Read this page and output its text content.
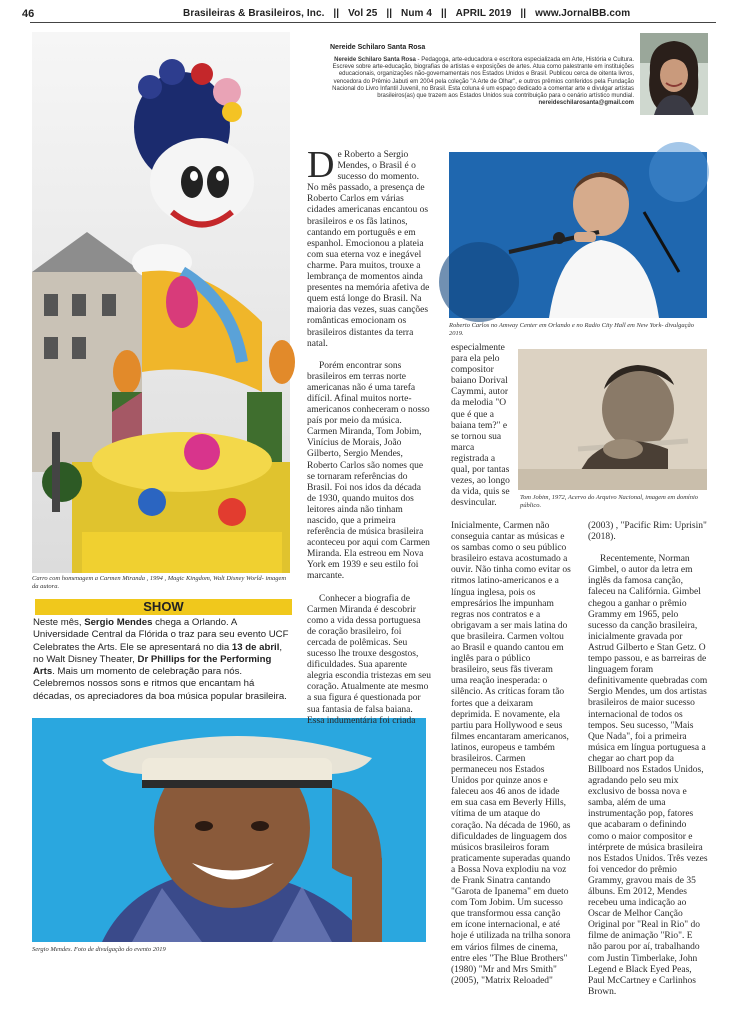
46	Brasileiras & Brasileiros, Inc. || Vol 25 || Num 4 || APRIL 2019 || www.JornalBB.com
Nereide Schilaro Santa Rosa
Nereide Schilaro Santa Rosa - Pedagoga, arte-educadora e escritora especializada em Arte, História e Cultura. Escreve sobre arte-educação, biografias de artistas e exposições de artes. Atua como palestrante em instituições educacionais, organizações não-governamentais nos Estados Unidos e Brasil. Publicou cerca de oitenta livros, vencedora do Prêmio Jabuti em 2004 pela coleção "A Arte de Olhar", e outros prêmios conferidos pela Fundação Nacional do Livro Infantil Juvenil, no Brasil. Esta coluna é um espaço dedicado a comentar arte e divulgar artistas brasileiros(as) que trazem aos Estados Unidos sua contribuição para o cenário artístico mundial.
nereideschilarosanta@gmail.com
Carro com homenagem a Carmen Miranda , 1994 , Magic Kingdom, Walt Disney World- imagem da autora.
SHOW
Neste mês, Sergio Mendes chega a Orlando. A Universidade Central da Flórida o traz para seu evento UCF Celebrates the Arts. Ele se apresentará no dia 13 de abril, no Walt Disney Theater, Dr Phillips for the Performing Arts. Mais um momento de celebração para nós. Celebremos nossos sons e ritmos que encantam há décadas, os apreciadores da boa música popular brasileira.
Sergio Mendes. Foto de divulgação do evento 2019
Roberto Carlos no Amway Center em Orlando e no Radio City Hall em New York- divulgação 2019.
Tom Jobim, 1972, Acervo do Arquivo Nacional, imagem em domínio público.

De Roberto a Sergio Mendes, o Brasil é o sucesso do momento. No mês passado, a presença de Roberto Carlos em várias cidades americanas encantou os brasileiros e os fãs latinos, cantando em português e em espanhol. Emocionou a plateia com sua eterna voz e inegável charme. Para muitos, trouxe a lembrança de momentos ainda presentes na memória afetiva de quem está longe do Brasil. Na maioria das vezes, suas canções românticas emocionam os brasileiros distantes da terra natal.

Porém encontrar sons brasileiros em terras norte americanas não é uma tarefa difícil. Afinal muitos norte-americanos conheceram o nosso país por meio da música. Carmen Miranda, Tom Jobim, Vinícius de Morais, João Gilberto, Sergio Mendes, Roberto Carlos são nomes que se tornaram referências do Brasil. Foi nos idos da década de 1930, quando muitos dos leitores ainda não tinham nascido, que a primeira referência de música brasileira aconteceu por aqui com Carmen Miranda. Ela estreou em Nova York em 1939 e seu estilo foi marcante.

Conhecer a biografia de Carmen Miranda é descobrir como a vida dessa portuguesa de coração brasileiro, foi cercada de polêmicas. Seu sucesso lhe trouxe desgostos, dificuldades. Sua aparente alegria escondia tristezas em seu coração. Atualmente ate mesmo a sua figura é questionada por sua fantasia de falsa baiana. Essa indumentária foi criada

especialmente para ela pelo compositor baiano Dorival Caymmi, autor da melodia "O que é que a baiana tem?" e se tornou sua marca registrada a qual, por tantas vezes, ao longo da vida, quis se desvincular.

Inicialmente, Carmen não conseguia cantar as músicas e os sambas como o seu público brasileiro estava acostumado a ouvir. Não tinha como evitar os ritmos latino-americanos e a língua inglesa, pois os empresários lhe impunham regras nos contratos e a obrigavam a ser mais latina do que brasileira. Carmen voltou ao Brasil e quando cantou em inglês para o público brasileiro, seus fãs tiveram uma reação inesperada: o silêncio. As críticas foram tão fortes que a deixaram deprimida. E novamente, ela partiu para Hollywood e seus filmes encantaram americanos, latinos, europeus e também brasileiros. Carmen permaneceu nos Estados Unidos por quinze anos e faleceu aos 46 anos de idade em sua casa em Beverly Hills, vítima de um ataque do coração. Na década de 1960, as dificuldades de linguagem dos músicos brasileiros foram praticamente superadas quando a Bossa Nova explodiu na voz de Frank Sinatra cantando "Garota de Ipanema" em dueto com Tom Jobim. Um sucesso que transformou essa canção em ícone internacional, e até hoje é utilizada na trilha sonora em vários filmes de cinema, entre eles "The Blue Brothers" (1980) "Mr and Mrs Smith" (2005), "Matrix Reloaded"

(2003) , "Pacific Rim: Uprisin" (2018).

Recentemente, Norman Gimbel, o autor da letra em inglês da famosa canção, faleceu na Califórnia. Gimbel chegou a ganhar o prêmio Grammy em 1965, pelo sucesso da canção brasileira, inicialmente gravada por Astrud Gilberto e Stan Getz. O tempo passou, e as barreiras de linguagem foram definitivamente quebradas com Sergio Mendes, um dos artistas brasileiros de maior sucesso internacional de todos os tempos. Seu sucesso, "Mais Que Nada", foi a primeira música em língua portuguesa a chegar ao chart pop da Billboard nos Estados Unidos, agradando pelo seu mix exclusivo de bossa nova e samba, além de uma instrumentação pop, fatores que acabaram o definindo como o maior compositor e intérprete de música brasileira nos Estados Unidos. Três vezes foi vencedor do prêmio Grammy, gravou mais de 35 álbuns. Em 2012, Mendes recebeu uma indicação ao Oscar de Melhor Canção Original por "Real in Rio" do filme de animação "Rio". E não parou por aí, trabalhando com Justin Timberlake, John Legend e Black Eyed Peas, Paul McCartney e Carlinhos Brown.
